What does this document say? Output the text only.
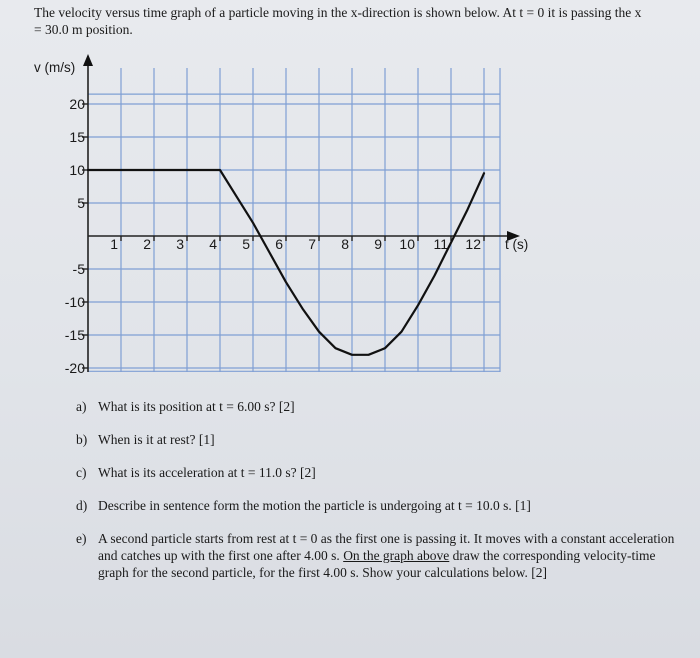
The velocity versus time graph of a particle moving in the x-direction is shown below. At t = 0 it is passing the x
= 30.0 m position.
v (m/s)
t (s)
20
15
10
5
-5
-10
-15
-20
1 2 3 4 5 6 7 8 9 10 11 12
a) What is its position at t = 6.00 s? [2]
b) When is it at rest? [1]
c) What is its acceleration at t = 11.0 s? [2]
d) Describe in sentence form the motion the particle is undergoing at t = 10.0 s. [1]
e) A second particle starts from rest at t = 0 as the first one is passing it. It moves with a constant acceleration and catches up with the first one after 4.00 s. On the graph above draw the corresponding velocity-time graph for the second particle, for the first 4.00 s. Show your calculations below. [2]
